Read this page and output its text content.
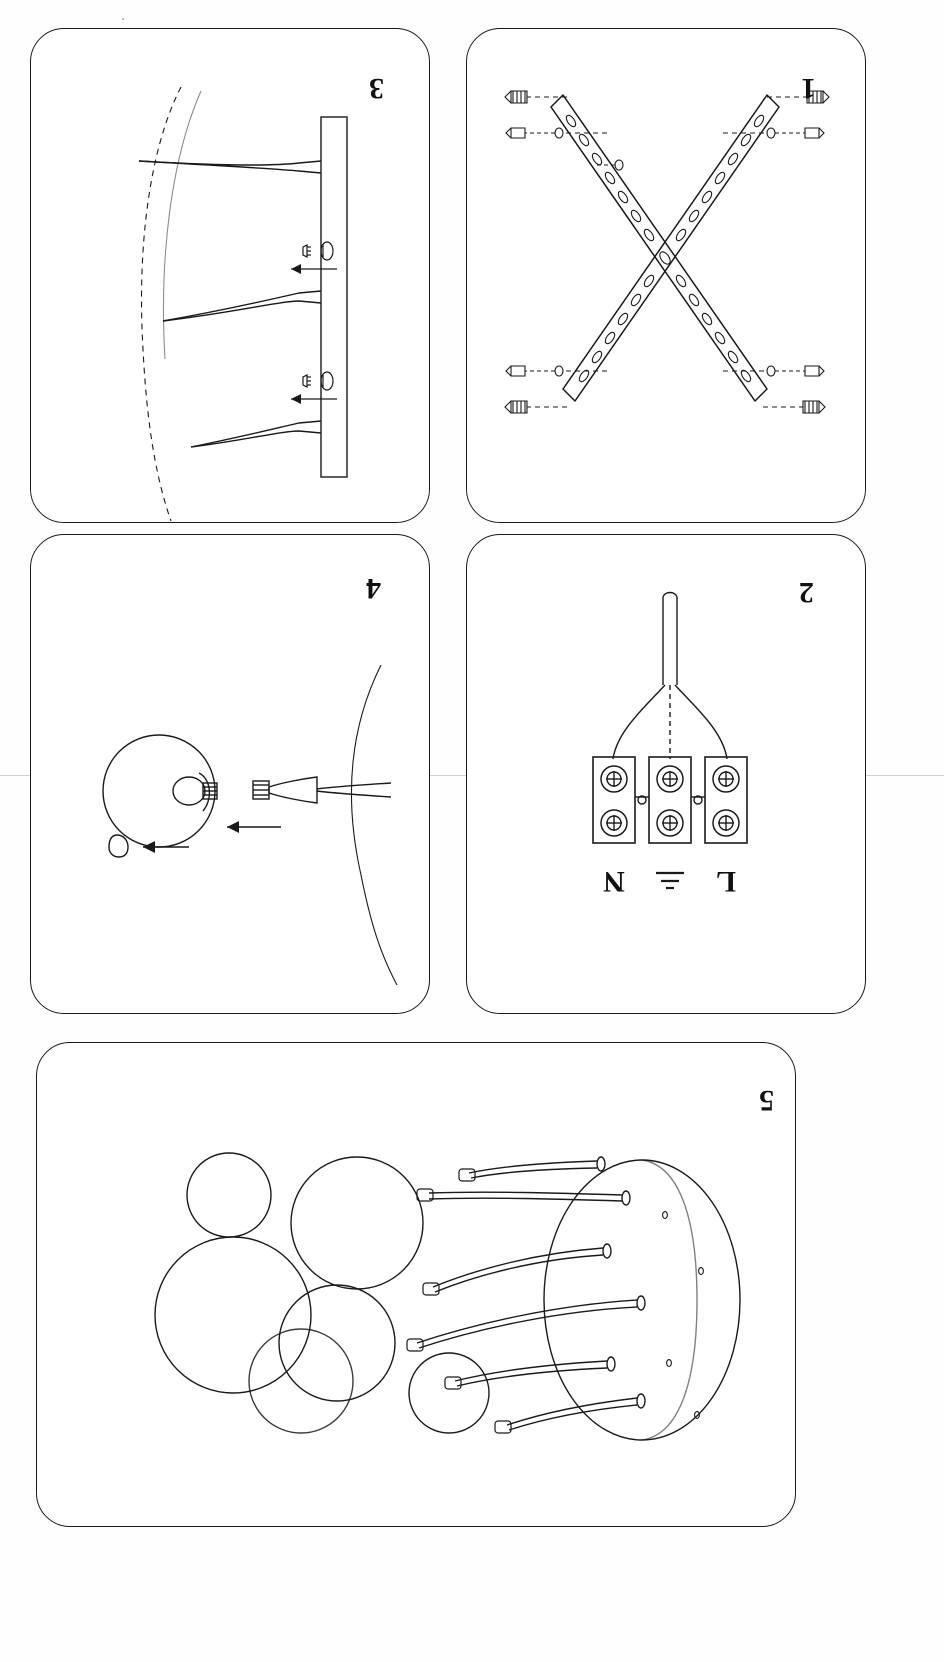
1
3
N	L
2
4
5
